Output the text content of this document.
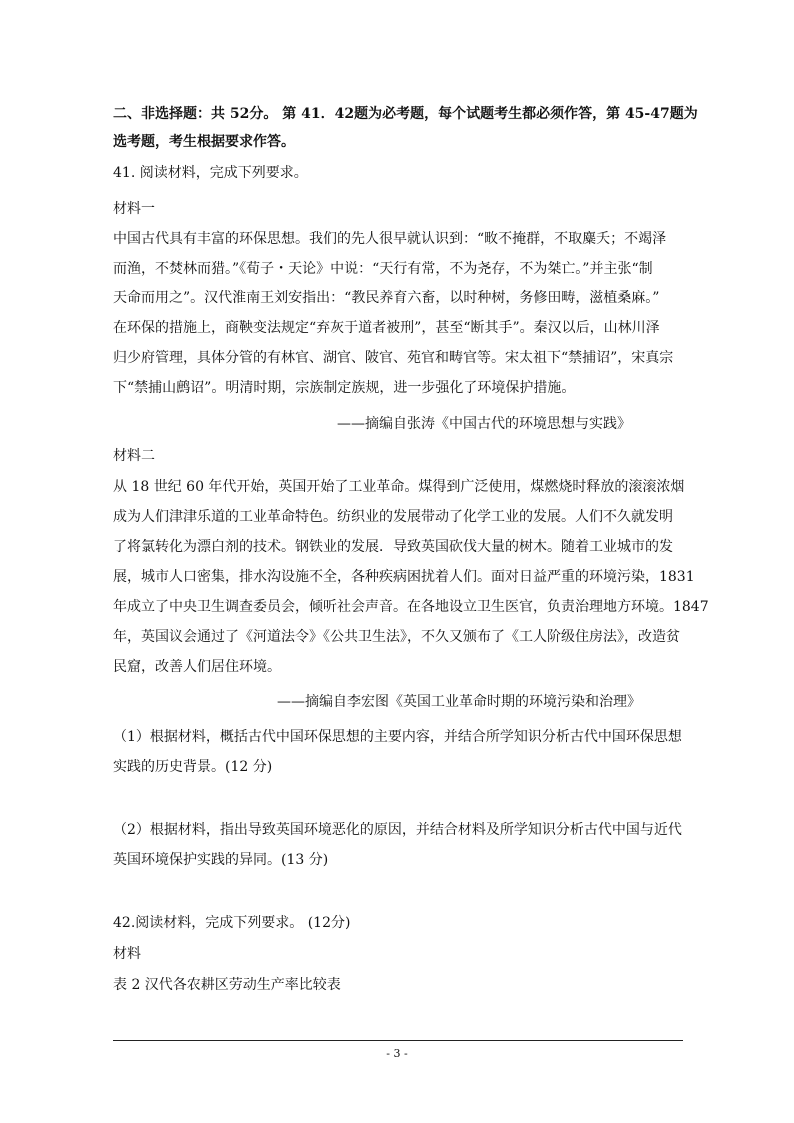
二、非选择题：共 52分。 第 41．42题为必考题，每个试题考生都必须作答，第 45-47题为
选考题，考生根据要求作答。
41. 阅读材料，完成下列要求。
材料一
中国古代具有丰富的环保思想。我们的先人很早就认识到：“畋不掩群，不取麋夭；不竭泽
而渔，不焚林而猎。”《荀子・天论》中说：“天行有常，不为尧存，不为桀亡。”并主张“制
天命而用之”。汉代淮南王刘安指出：“教民养育六畜，以时种树，务修田畴，滋植桑麻。”
在环保的措施上，商鞅变法规定“弃灰于道者被刑”，甚至“断其手”。秦汉以后，山林川泽
归少府管理，具体分管的有林官、湖官、陂官、苑官和畴官等。宋太祖下“禁捕诏”，宋真宗
下“禁捕山鹧诏”。明清时期，宗族制定族规，进一步强化了环境保护措施。
——摘编自张涛《中国古代的环境思想与实践》
材料二
从 18 世纪 60 年代开始，英国开始了工业革命。煤得到广泛使用，煤燃烧时释放的滚滚浓烟
成为人们津津乐道的工业革命特色。纺织业的发展带动了化学工业的发展。人们不久就发明
了将氯转化为漂白剂的技术。钢铁业的发展．导致英国砍伐大量的树木。随着工业城市的发
展，城市人口密集，排水沟设施不全，各种疾病困扰着人们。面对日益严重的环境污染，1831
年成立了中央卫生调查委员会，倾听社会声音。在各地设立卫生医官，负责治理地方环境。1847
年，英国议会通过了《河道法令》《公共卫生法》，不久又颁布了《工人阶级住房法》，改造贫
民窟，改善人们居住环境。
——摘编自李宏图《英国工业革命时期的环境污染和治理》
（1）根据材料，概括古代中国环保思想的主要内容，并结合所学知识分析古代中国环保思想
实践的历史背景。(12 分)
（2）根据材料，指出导致英国环境恶化的原因，并结合材料及所学知识分析古代中国与近代
英国环境保护实践的异同。(13 分)
42.阅读材料，完成下列要求。 (12分)
材料
表 2 汉代各农耕区劳动生产率比较表
- 3 -
